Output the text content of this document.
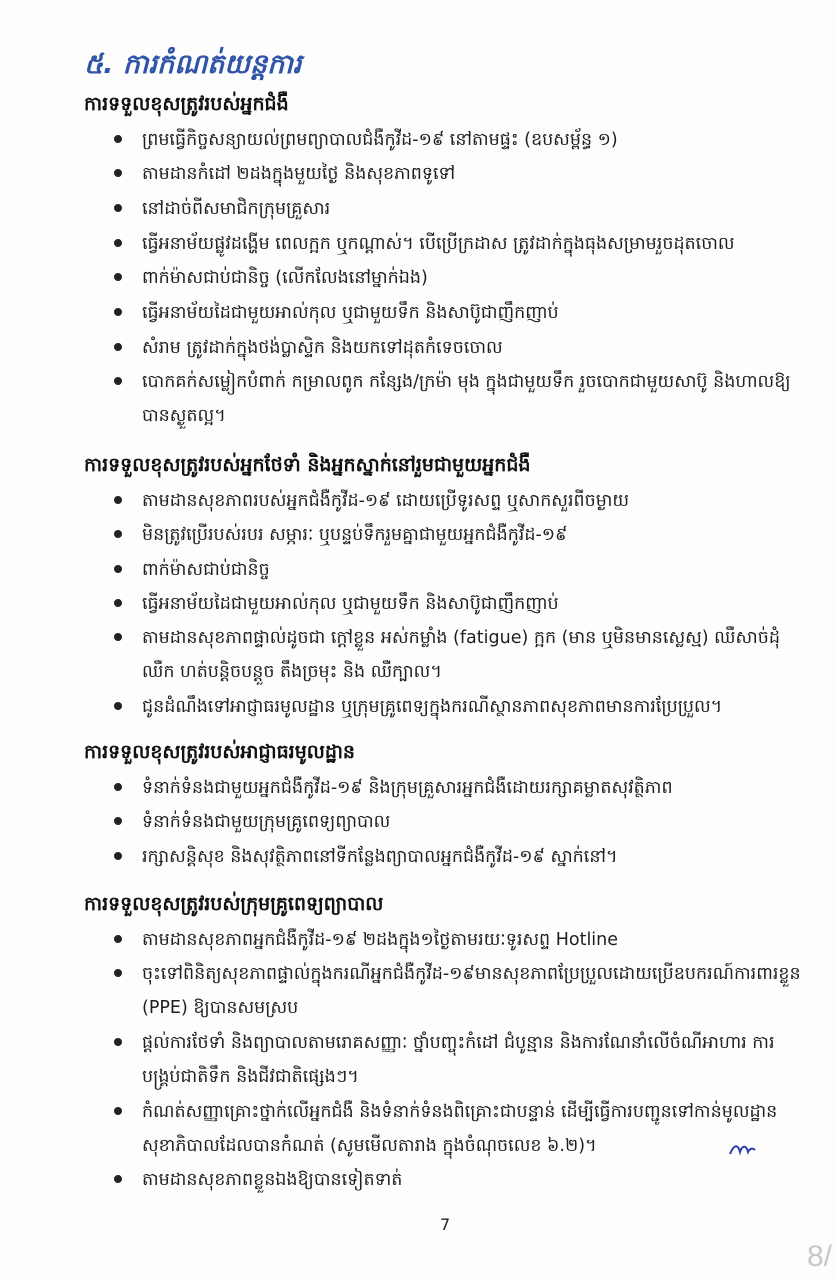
៥. ការកំណត់យន្តការ
ការទទួលខុសត្រូវរបស់អ្នកជំងឺ
ព្រមធ្វើកិច្ចសន្យាយល់ព្រមព្យាបាលជំងឺកូវីដ-១៩ នៅតាមផ្ទះ (ឧបសម្ព័ន្ធ ១)
តាមដានកំដៅ ២ដងក្នុងមួយថ្ងៃ និងសុខភាពទូទៅ
នៅដាច់ពីសមាជិកក្រុមគ្រួសារ
ធ្វើអនាម័យផ្លូវដង្ហើម ពេលក្អក ឬកណ្តាស់។ បើប្រើក្រដាស ត្រូវដាក់ក្នុងធុងសម្រាមរួចដុតចោល
ពាក់ម៉ាសជាប់ជានិច្ច (លើកលែងនៅម្នាក់ឯង)
ធ្វើអនាម័យដៃជាមួយអាល់កុល ឬជាមួយទឹក និងសាប៊ូជាញឹកញាប់
សំរាម ត្រូវដាក់ក្នុងថង់ប្លាស្ទិក និងយកទៅដុតកំទេចចោល
បោកគក់សម្លៀកបំពាក់ កម្រាលពូក កន្សែង/ក្រម៉ា មុង ក្នុងជាមួយទឹក រួចបោកជាមួយសាប៊ូ និងហាលឱ្យបានស្ងួតល្អ។
ការទទួលខុសត្រូវរបស់អ្នកថែទាំ និងអ្នកស្នាក់នៅរួមជាមួយអ្នកជំងឺ
តាមដានសុខភាពរបស់អ្នកជំងឺកូវីដ-១៩ ដោយប្រើទូរសព្ទ ឬសាកសួរពីចម្ងាយ
មិនត្រូវប្រើរបស់របរ សម្ភារៈ ឬបន្ទប់ទឹករួមគ្នាជាមួយអ្នកជំងឺកូវីដ-១៩
ពាក់ម៉ាសជាប់ជានិច្ច
ធ្វើអនាម័យដៃជាមួយអាល់កុល ឬជាមួយទឹក និងសាប៊ូជាញឹកញាប់
តាមដានសុខភាពផ្ទាល់ដូចជា ក្តៅខ្លួន អស់កម្លាំង (fatigue) ក្អក (មាន ឬមិនមានស្លេស្ម) ឈឺសាច់ដុំ ឈឺក ហត់បន្តិចបន្តួច តឹងច្រមុះ និង ឈឺក្បាល។
ជូនដំណឹងទៅអាជ្ញាធរមូលដ្ឋាន ឬក្រុមគ្រូពេទ្យក្នុងករណីស្ថានភាពសុខភាពមានការប្រែប្រួល។
ការទទួលខុសត្រូវរបស់អាជ្ញាធរមូលដ្ឋាន
ទំនាក់ទំនងជាមួយអ្នកជំងឺកូវីដ-១៩ និងក្រុមគ្រួសារអ្នកជំងឺដោយរក្សាគម្លាតសុវត្ថិភាព
ទំនាក់ទំនងជាមួយក្រុមគ្រូពេទ្យព្យាបាល
រក្សាសន្តិសុខ និងសុវត្ថិភាពនៅទីកន្លែងព្យាបាលអ្នកជំងឺកូវីដ-១៩ ស្នាក់នៅ។
ការទទួលខុសត្រូវរបស់ក្រុមគ្រូពេទ្យព្យាបាល
តាមដានសុខភាពអ្នកជំងឺកូវីដ-១៩ ២ដងក្នុង១ថ្ងៃតាមរយៈទូរសព្ទ Hotline
ចុះទៅពិនិត្យសុខភាពផ្ទាល់ក្នុងករណីអ្នកជំងឺកូវីដ-១៩មានសុខភាពប្រែប្រួលដោយប្រើឧបករណ៍ការពារខ្លួន (PPE) ឱ្យបានសមស្រប
ផ្តល់ការថែទាំ និងព្យាបាលតាមរោគសញ្ញាៈ ថ្នាំបញ្ចុះកំដៅ ជំបូន្មាន និងការណែនាំលើចំណីអាហារ ការបង្គ្រប់ជាតិទឹក និងជីវជាតិផ្សេងៗ។
កំណត់សញ្ញាគ្រោះថ្នាក់លើអ្នកជំងឺ និងទំនាក់ទំនងពិគ្រោះជាបន្ទាន់ ដើម្បីធ្វើការបញ្ជូនទៅកាន់មូលដ្ឋានសុខាភិបាលដែលបានកំណត់ (សូមមើលតារាង ក្នុងចំណុចលេខ ៦.២)។
តាមដានសុខភាពខ្លួនឯងឱ្យបានទៀតទាត់
7
8/
